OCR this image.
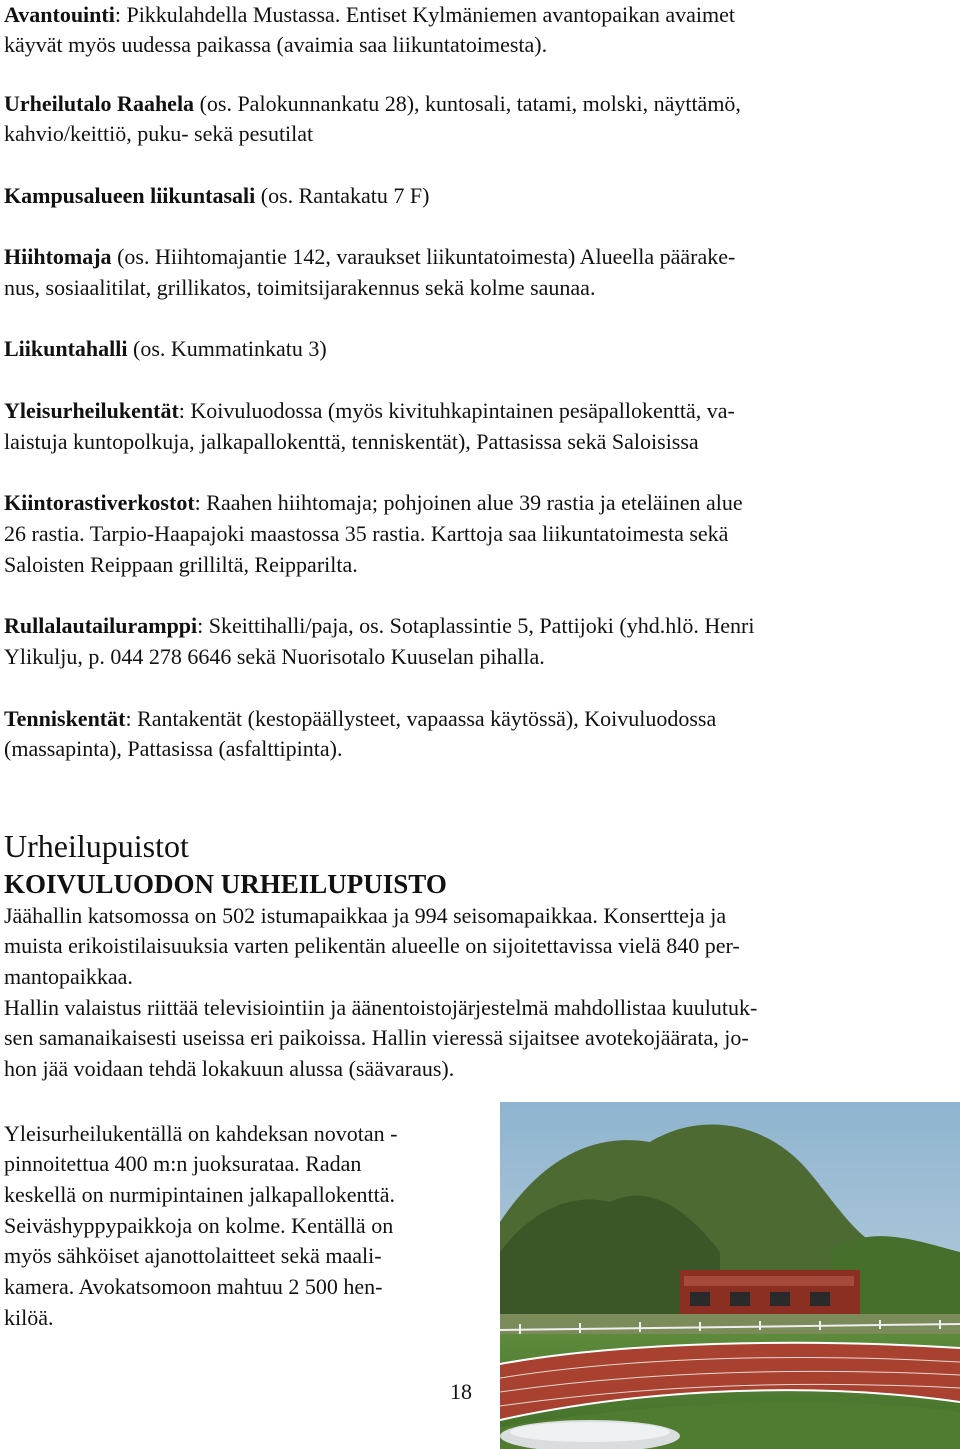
Avantouinti: Pikkulahdella Mustassa. Entiset Kylmäniemen avantopaikan avaimet
käyvät myös uudessa paikassa (avaimia saa liikuntatoimesta).
Urheilutalo Raahela (os. Palokunnankatu 28), kuntosali, tatami, molski, näyttämö,
kahvio/keittiö, puku- sekä pesutilat
Kampusalueen liikuntasali (os. Rantakatu 7 F)
Hiihtomaja (os. Hiihtomajantie 142, varaukset liikuntatoimesta) Alueella päärake-
nus, sosiaalitilat, grillikatos, toimitsijarakennus sekä kolme saunaa.
Liikuntahalli (os. Kummatinkatu 3)
Yleisurheilukentät: Koivuluodossa (myös kivituhkapintainen pesäpallokenttä, va-
laistuja kuntopolkuja, jalkapallokenttä, tenniskentät), Pattasissa sekä Saloisissa
Kiintorastiverkostot: Raahen hiihtomaja; pohjoinen alue 39 rastia ja eteläinen alue
26 rastia. Tarpio-Haapajoki maastossa 35 rastia. Karttoja saa liikuntatoimesta sekä
Saloisten Reippaan grilliltä, Reipparilta.
Rullalautailuramppi: Skeittihalli/paja, os. Sotaplassintie 5, Pattijoki (yhd.hlö. Henri
Ylikulju, p. 044 278 6646 sekä Nuorisotalo Kuuselan pihalla.
Tenniskentät: Rantakentät (kestopäällysteet, vapaassa käytössä), Koivuluodossa
(massapinta), Pattasissa (asfalttipinta).
Urheilupuistot
KOIVULUODON URHEILUPUISTO
Jäähallin katsomossa on 502 istumapaikkaa ja 994 seisomapaikkaa. Konsertteja ja
muista erikoistilaisuuksia varten pelikentän alueelle on sijoitettavissa vielä 840 per-
mantopaikkaa.
Hallin valaistus riittää televisiointiin ja äänentoistojärjestelmä mahdollistaa kuulutuk-
sen samanaikaisesti useissa eri paikoissa. Hallin vieressä sijaitsee avotekojäärata, jo-
hon jää voidaan tehdä lokakuun alussa (säävaraus).
Yleisurheilukentällä on kahdeksan novotan -
pinnoitettua 400 m:n juoksurataa. Radan
keskellä on nurmipintainen jalkapallokenttä.
Seiväshyppypaikkoja on kolme. Kentällä on
myös sähköiset ajanottolaitteet sekä maali-
kamera. Avokatsomoon mahtuu 2 500 hen-
kilöä.
18
